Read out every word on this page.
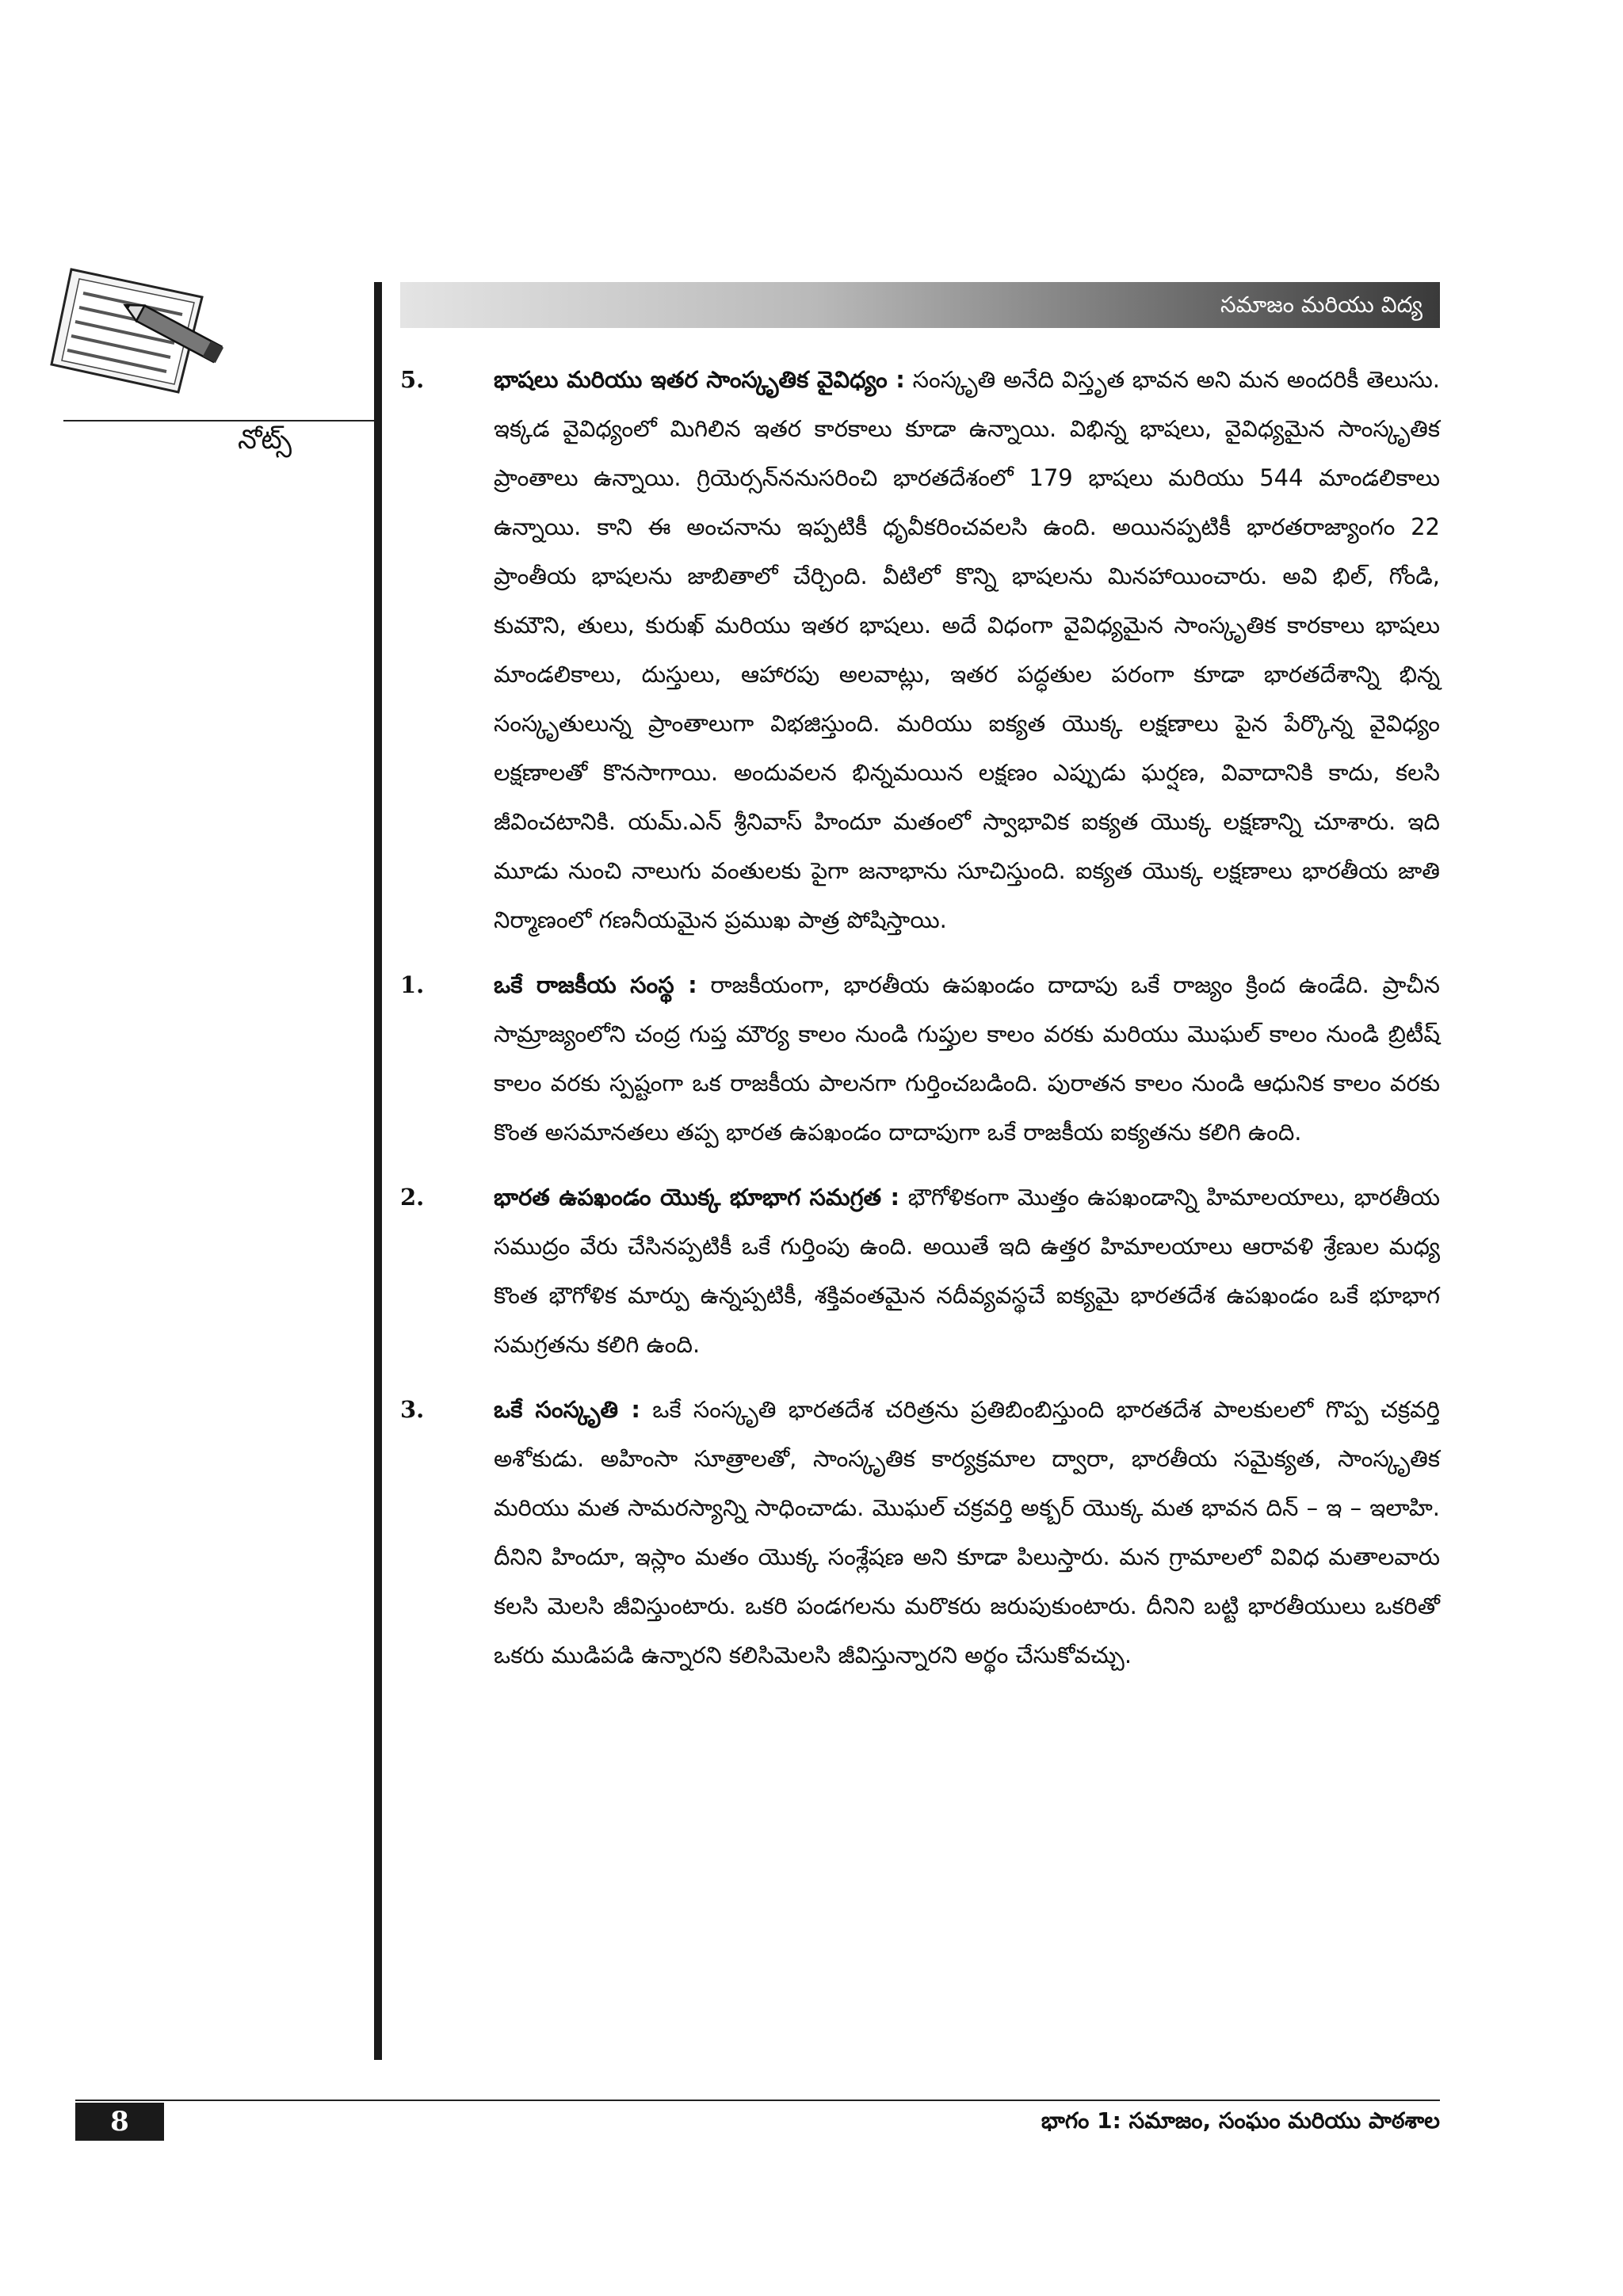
నోట్స్
సమాజం మరియు విద్య
5.	భాషలు మరియు ఇతర సాంస్కృతిక వైవిధ్యం : సంస్కృతి అనేది విస్తృత భావన అని మన అందరికీ తెలుసు. ఇక్కడ వైవిధ్యంలో మిగిలిన ఇతర కారకాలు కూడా ఉన్నాయి. విభిన్న భాషలు, వైవిధ్యమైన సాంస్కృతిక ప్రాంతాలు ఉన్నాయి. గ్రియెర్సన్‌ననుసరించి భారతదేశంలో 179 భాషలు మరియు 544 మాండలికాలు ఉన్నాయి. కాని ఈ అంచనాను ఇప్పటికీ ధృవీకరించవలసి ఉంది. అయినప్పటికీ భారతరాజ్యాంగం 22 ప్రాంతీయ భాషలను జాబితాలో చేర్చింది. వీటిలో కొన్ని భాషలను మినహాయించారు. అవి భిల్, గోండి, కుమౌని, తులు, కురుఖ్ మరియు ఇతర భాషలు. అదే విధంగా వైవిధ్యమైన సాంస్కృతిక కారకాలు భాషలు మాండలికాలు, దుస్తులు, ఆహారపు అలవాట్లు, ఇతర పద్ధతుల పరంగా కూడా భారతదేశాన్ని భిన్న సంస్కృతులున్న ప్రాంతాలుగా విభజిస్తుంది. మరియు ఐక్యత యొక్క లక్షణాలు పైన పేర్కొన్న వైవిధ్యం లక్షణాలతో కొనసాగాయి. అందువలన భిన్నమయిన లక్షణం ఎప్పుడు ఘర్షణ, వివాదానికి కాదు, కలసి జీవించటానికి. యమ్.ఎన్ శ్రీనివాస్ హిందూ మతంలో స్వాభావిక ఐక్యత యొక్క లక్షణాన్ని చూశారు. ఇది మూడు నుంచి నాలుగు వంతులకు పైగా జనాభాను సూచిస్తుంది. ఐక్యత యొక్క లక్షణాలు భారతీయ జాతి నిర్మాణంలో గణనీయమైన ప్రముఖ పాత్ర పోషిస్తాయి.
1.	ఒకే రాజకీయ సంస్థ : రాజకీయంగా, భారతీయ ఉపఖండం దాదాపు ఒకే రాజ్యం క్రింద ఉండేది. ప్రాచీన సామ్రాజ్యంలోని చంద్ర గుప్త మౌర్య కాలం నుండి గుప్తుల కాలం వరకు మరియు మొఘల్ కాలం నుండి బ్రిటీష్ కాలం వరకు స్పష్టంగా ఒక రాజకీయ పాలనగా గుర్తించబడింది. పురాతన కాలం నుండి ఆధునిక కాలం వరకు కొంత అసమానతలు తప్ప భారత ఉపఖండం దాదాపుగా ఒకే రాజకీయ ఐక్యతను కలిగి ఉంది.
2.	భారత ఉపఖండం యొక్క భూభాగ సమగ్రత : భౌగోళికంగా మొత్తం ఉపఖండాన్ని హిమాలయాలు, భారతీయ సముద్రం వేరు చేసినప్పటికీ ఒకే గుర్తింపు ఉంది. అయితే ఇది ఉత్తర హిమాలయాలు ఆరావళి శ్రేణుల మధ్య కొంత భౌగోళిక మార్పు ఉన్నప్పటికీ, శక్తివంతమైన నదీవ్యవస్థచే ఐక్యమై భారతదేశ ఉపఖండం ఒకే భూభాగ సమగ్రతను కలిగి ఉంది.
3.	ఒకే సంస్కృతి : ఒకే సంస్కృతి భారతదేశ చరిత్రను ప్రతిబింబిస్తుంది భారతదేశ పాలకులలో గొప్ప చక్రవర్తి అశోకుడు. అహింసా సూత్రాలతో, సాంస్కృతిక కార్యక్రమాల ద్వారా, భారతీయ సమైక్యత, సాంస్కృతిక మరియు మత సామరస్యాన్ని సాధించాడు. మొఘల్ చక్రవర్తి అక్బర్ యొక్క మత భావన దిన్ – ఇ – ఇలాహి. దీనిని హిందూ, ఇస్లాం మతం యొక్క సంశ్లేషణ అని కూడా పిలుస్తారు. మన గ్రామాలలో వివిధ మతాలవారు కలసి మెలసి జీవిస్తుంటారు. ఒకరి పండగలను మరొకరు జరుపుకుంటారు. దీనిని బట్టి భారతీయులు ఒకరితో ఒకరు ముడిపడి ఉన్నారని కలిసిమెలసి జీవిస్తున్నారని అర్థం చేసుకోవచ్చు.
8	భాగం 1: సమాజం, సంఘం మరియు పాఠశాల
